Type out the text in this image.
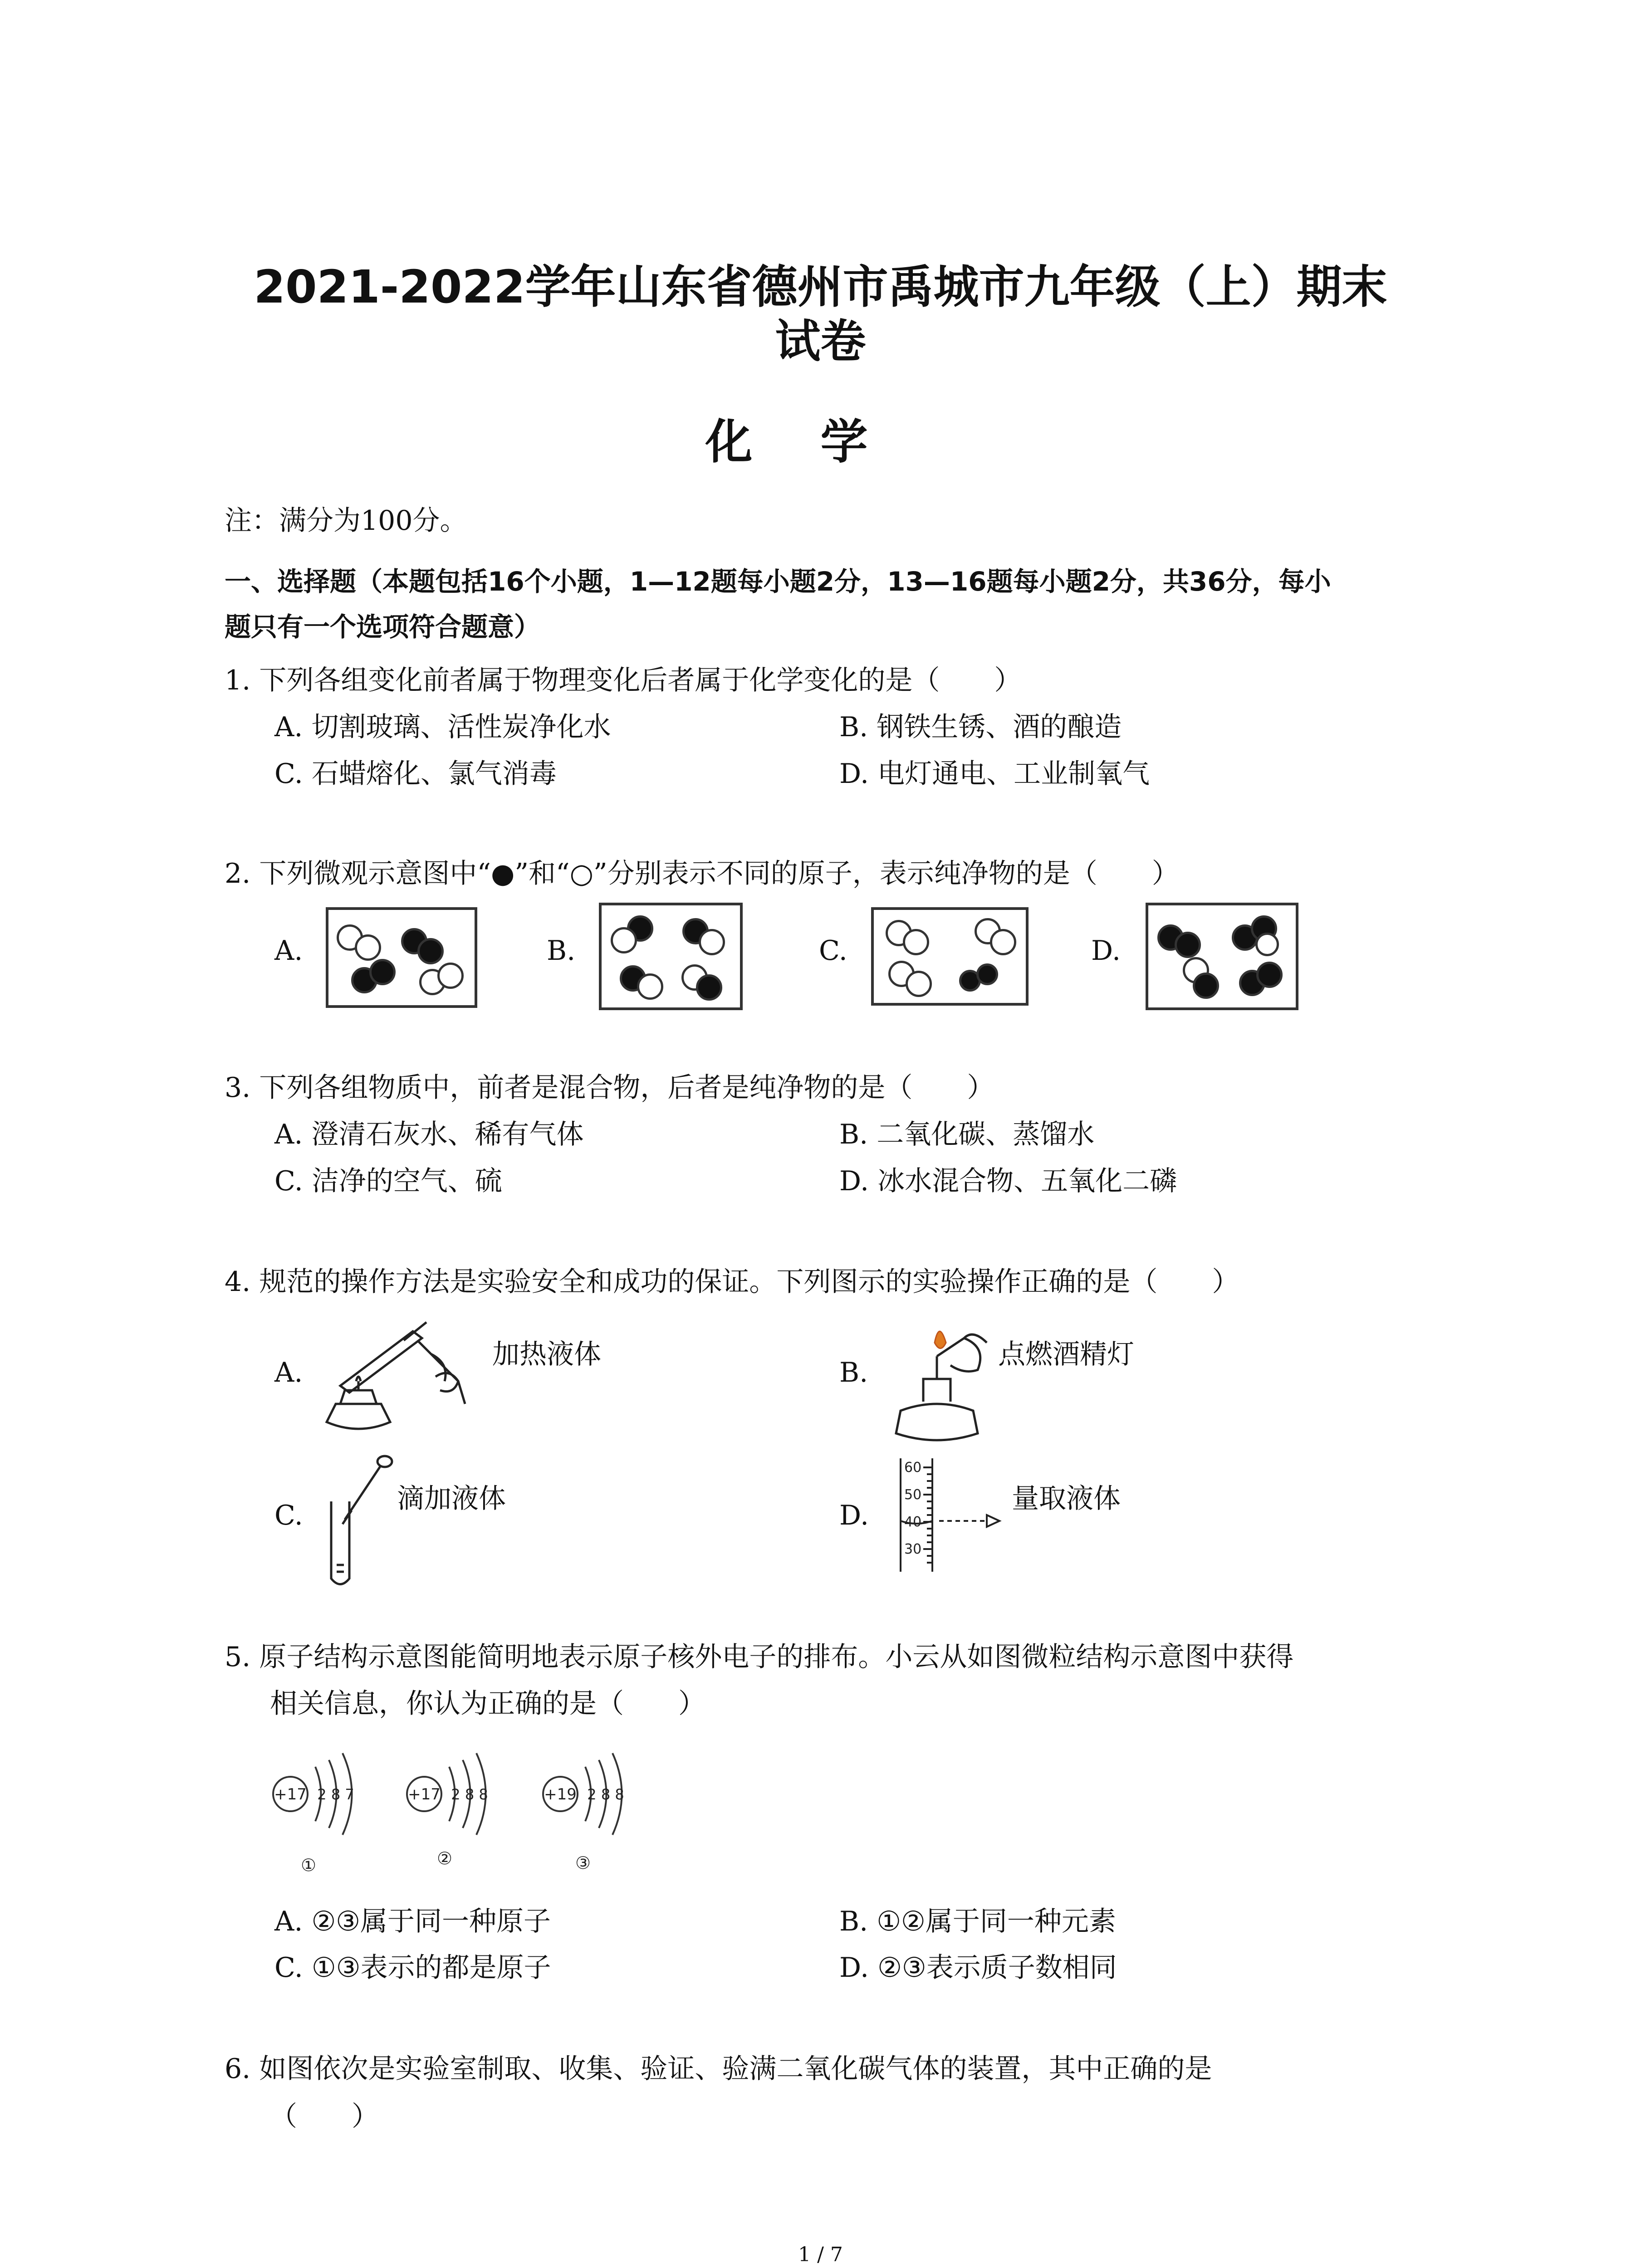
2021-2022学年山东省德州市禹城市九年级（上）期末
试卷
化学
注：满分为100分。
一、选择题（本题包括16个小题，1—12题每小题2分，13—16题每小题2分，共36分，每小
题只有一个选项符合题意）
1. 下列各组变化前者属于物理变化后者属于化学变化的是（　　）
A. 切割玻璃、活性炭净化水	B. 钢铁生锈、酒的酿造
C. 石蜡熔化、氯气消毒	D. 电灯通电、工业制氧气
2. 下列微观示意图中“●”和“○”分别表示不同的原子，表示纯净物的是（　　）
A.	B.	C.	D.
3. 下列各组物质中，前者是混合物，后者是纯净物的是（　　）
A. 澄清石灰水、稀有气体	B. 二氧化碳、蒸馏水
C. 洁净的空气、硫	D. 冰水混合物、五氧化二磷
4. 规范的操作方法是实验安全和成功的保证。下列图示的实验操作正确的是（　　）
A.
加热液体
B.
点燃酒精灯
C.
滴加液体
D.
60
50
40
30
量取液体
5. 原子结构示意图能简明地表示原子核外电子的排布。小云从如图微粒结构示意图中获得
相关信息，你认为正确的是（　　）
+17 2 8 7
①
+17 2 8 8
②
+19 2 8 8
③
A. ②③属于同一种原子	B. ①②属于同一种元素
C. ①③表示的都是原子	D. ②③表示质子数相同
6. 如图依次是实验室制取、收集、验证、验满二氧化碳气体的装置，其中正确的是
（　　）
1 / 7
